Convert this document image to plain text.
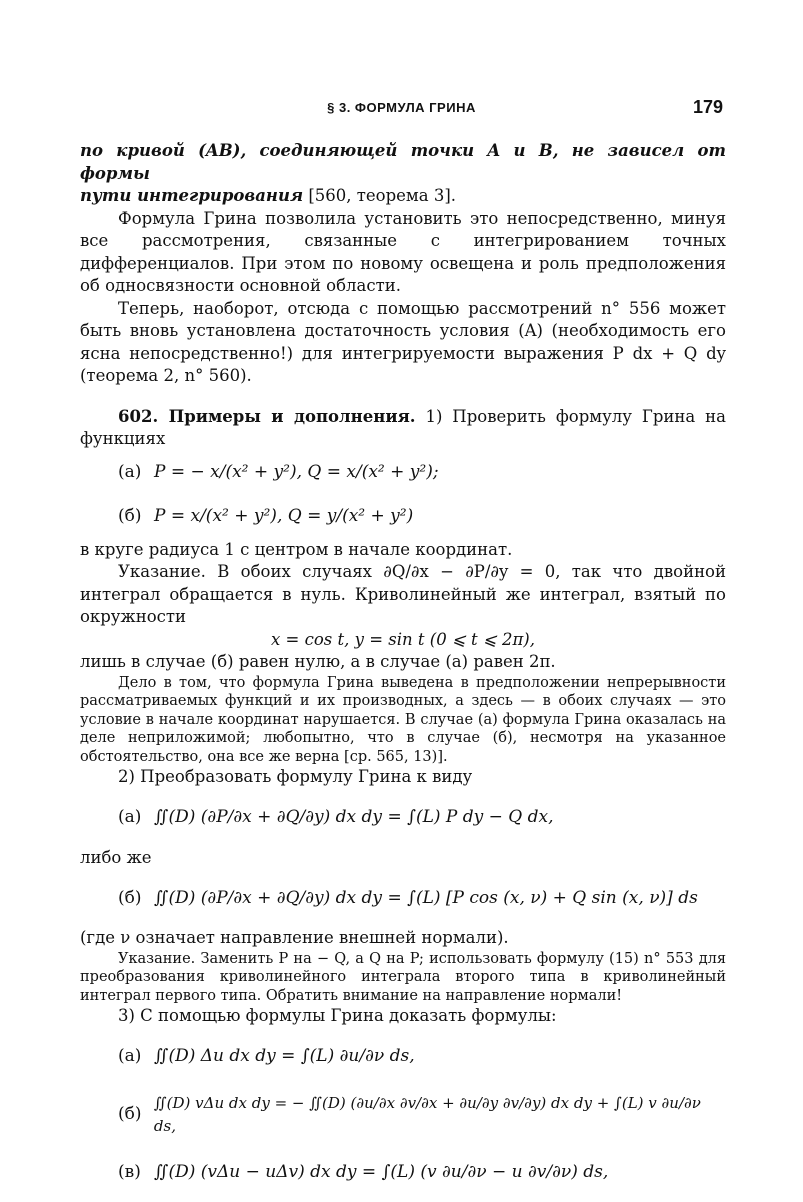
§ 3. ФОРМУЛА ГРИНА	179

по кривой (AB), соединяющей точки A и B, не зависел от формы

пути интегрирования [560, теорема 3].

Формула Грина позволила установить это непосредственно, минуя все рассмотрения, связанные с интегрированием точных дифференциалов. При этом по новому освещена и роль предположения об односвязности основной области.

Теперь, наоборот, отсюда с помощью рассмотрений n° 556 может быть вновь установлена достаточность условия (A) (необходимость его ясна непосредственно!) для интегрируемости выражения P dx + Q dy (теорема 2, n° 560).

602. Примеры и дополнения. 1) Проверить формулу Грина на функциях

(a) P = − x/(x² + y²), Q = x/(x² + y²);
(б) P = x/(x² + y²), Q = y/(x² + y²)

в круге радиуса 1 с центром в начале координат.

Указание. В обоих случаях ∂Q/∂x − ∂P/∂y = 0, так что двойной интеграл обращается в нуль. Криволинейный же интеграл, взятый по окружности

x = cos t, y = sin t (0 ⩽ t ⩽ 2π),

лишь в случае (б) равен нулю, а в случае (а) равен 2π.

Дело в том, что формула Грина выведена в предположении непрерывности рассматриваемых функций и их производных, а здесь — в обоих случаях — это условие в начале координат нарушается. В случае (а) формула Грина оказалась на деле неприложимой; любопытно, что в случае (б), несмотря на указанное обстоятельство, она все же верна [ср. 565, 13)].

2) Преобразовать формулу Грина к виду

(a) ∬(D) (∂P/∂x + ∂Q/∂y) dx dy = ∫(L) P dy − Q dx,

либо же

(б) ∬(D) (∂P/∂x + ∂Q/∂y) dx dy = ∫(L) [P cos (x, ν) + Q sin (x, ν)] ds

(где ν означает направление внешней нормали).

Указание. Заменить P на − Q, а Q на P; использовать формулу (15) n° 553 для преобразования криволинейного интеграла второго типа в криволинейный интеграл первого типа. Обратить внимание на направление нормали!

3) С помощью формулы Грина доказать формулы:

(a) ∬(D) Δu dx dy = ∫(L) ∂u/∂ν ds,
(б)
∬(D) vΔu dx dy = − ∬(D) (∂u/∂x ∂v/∂x + ∂u/∂y ∂v/∂y) dx dy + ∫(L) v ∂u/∂ν ds,
(в) ∬(D) (vΔu − uΔv) dx dy = ∫(L) (v ∂u/∂ν − u ∂v/∂ν) ds,
